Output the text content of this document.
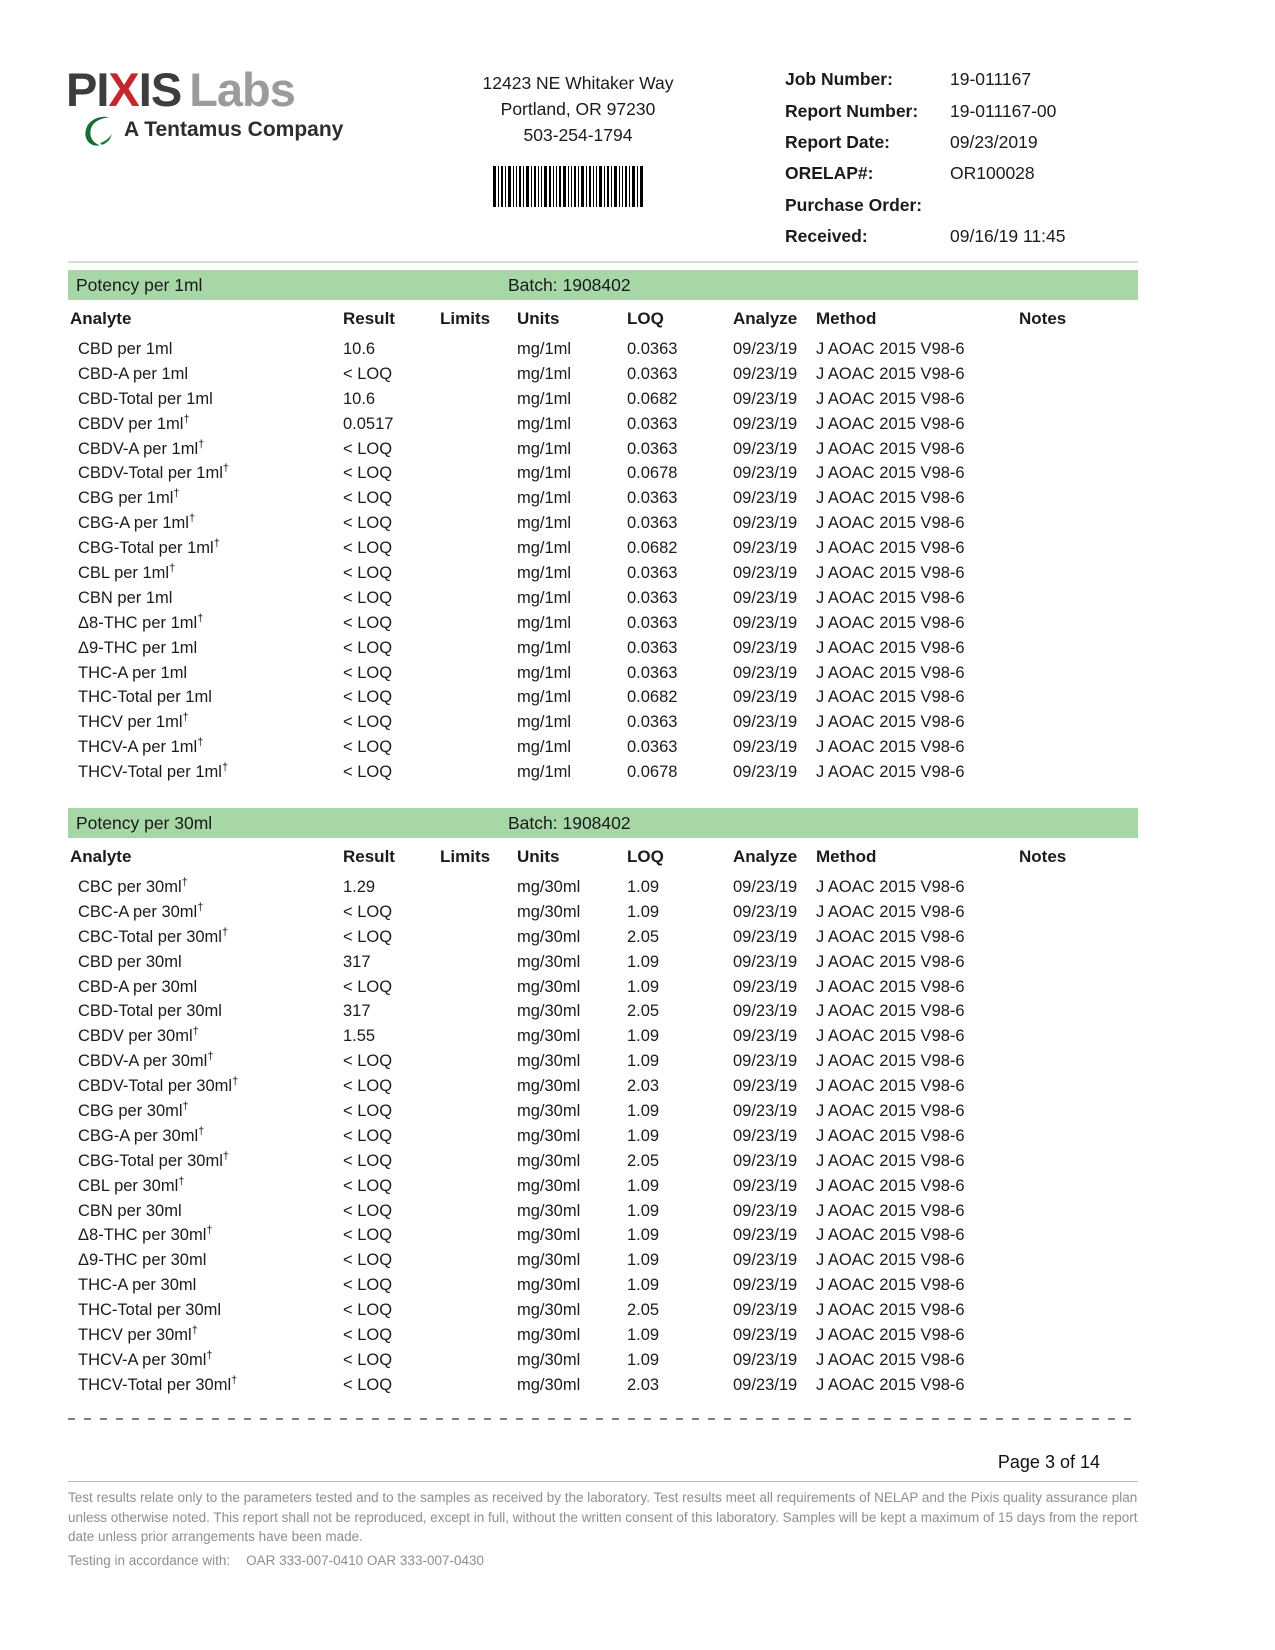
PIXIS Labs
A Tentamus Company
12423 NE Whitaker Way
Portland, OR 97230
503-254-1794
Job Number:	19-011167
Report Number:	19-011167-00
Report Date:	09/23/2019
ORELAP#:	OR100028
Purchase Order:
Received:	09/16/19 11:45
Potency per 1ml	Batch: 1908402
Analyte	Result	Limits	Units	LOQ	Analyze	Method	Notes
CBD per 1ml	10.6	mg/1ml	0.0363	09/23/19	J AOAC 2015 V98-6
CBD-A per 1ml	< LOQ	mg/1ml	0.0363	09/23/19	J AOAC 2015 V98-6
CBD-Total per 1ml	10.6	mg/1ml	0.0682	09/23/19	J AOAC 2015 V98-6
CBDV per 1ml†	0.0517	mg/1ml	0.0363	09/23/19	J AOAC 2015 V98-6
CBDV-A per 1ml†	< LOQ	mg/1ml	0.0363	09/23/19	J AOAC 2015 V98-6
CBDV-Total per 1ml†	< LOQ	mg/1ml	0.0678	09/23/19	J AOAC 2015 V98-6
CBG per 1ml†	< LOQ	mg/1ml	0.0363	09/23/19	J AOAC 2015 V98-6
CBG-A per 1ml†	< LOQ	mg/1ml	0.0363	09/23/19	J AOAC 2015 V98-6
CBG-Total per 1ml†	< LOQ	mg/1ml	0.0682	09/23/19	J AOAC 2015 V98-6
CBL per 1ml†	< LOQ	mg/1ml	0.0363	09/23/19	J AOAC 2015 V98-6
CBN per 1ml	< LOQ	mg/1ml	0.0363	09/23/19	J AOAC 2015 V98-6
Δ8-THC per 1ml†	< LOQ	mg/1ml	0.0363	09/23/19	J AOAC 2015 V98-6
Δ9-THC per 1ml	< LOQ	mg/1ml	0.0363	09/23/19	J AOAC 2015 V98-6
THC-A per 1ml	< LOQ	mg/1ml	0.0363	09/23/19	J AOAC 2015 V98-6
THC-Total per 1ml	< LOQ	mg/1ml	0.0682	09/23/19	J AOAC 2015 V98-6
THCV per 1ml†	< LOQ	mg/1ml	0.0363	09/23/19	J AOAC 2015 V98-6
THCV-A per 1ml†	< LOQ	mg/1ml	0.0363	09/23/19	J AOAC 2015 V98-6
THCV-Total per 1ml†	< LOQ	mg/1ml	0.0678	09/23/19	J AOAC 2015 V98-6
Potency per 30ml	Batch: 1908402
Analyte	Result	Limits	Units	LOQ	Analyze	Method	Notes
CBC per 30ml†	1.29	mg/30ml	1.09	09/23/19	J AOAC 2015 V98-6
CBC-A per 30ml†	< LOQ	mg/30ml	1.09	09/23/19	J AOAC 2015 V98-6
CBC-Total per 30ml†	< LOQ	mg/30ml	2.05	09/23/19	J AOAC 2015 V98-6
CBD per 30ml	317	mg/30ml	1.09	09/23/19	J AOAC 2015 V98-6
CBD-A per 30ml	< LOQ	mg/30ml	1.09	09/23/19	J AOAC 2015 V98-6
CBD-Total per 30ml	317	mg/30ml	2.05	09/23/19	J AOAC 2015 V98-6
CBDV per 30ml†	1.55	mg/30ml	1.09	09/23/19	J AOAC 2015 V98-6
CBDV-A per 30ml†	< LOQ	mg/30ml	1.09	09/23/19	J AOAC 2015 V98-6
CBDV-Total per 30ml†	< LOQ	mg/30ml	2.03	09/23/19	J AOAC 2015 V98-6
CBG per 30ml†	< LOQ	mg/30ml	1.09	09/23/19	J AOAC 2015 V98-6
CBG-A per 30ml†	< LOQ	mg/30ml	1.09	09/23/19	J AOAC 2015 V98-6
CBG-Total per 30ml†	< LOQ	mg/30ml	2.05	09/23/19	J AOAC 2015 V98-6
CBL per 30ml†	< LOQ	mg/30ml	1.09	09/23/19	J AOAC 2015 V98-6
CBN per 30ml	< LOQ	mg/30ml	1.09	09/23/19	J AOAC 2015 V98-6
Δ8-THC per 30ml†	< LOQ	mg/30ml	1.09	09/23/19	J AOAC 2015 V98-6
Δ9-THC per 30ml	< LOQ	mg/30ml	1.09	09/23/19	J AOAC 2015 V98-6
THC-A per 30ml	< LOQ	mg/30ml	1.09	09/23/19	J AOAC 2015 V98-6
THC-Total per 30ml	< LOQ	mg/30ml	2.05	09/23/19	J AOAC 2015 V98-6
THCV per 30ml†	< LOQ	mg/30ml	1.09	09/23/19	J AOAC 2015 V98-6
THCV-A per 30ml†	< LOQ	mg/30ml	1.09	09/23/19	J AOAC 2015 V98-6
THCV-Total per 30ml†	< LOQ	mg/30ml	2.03	09/23/19	J AOAC 2015 V98-6
Page 3 of 14
Test results relate only to the parameters tested and to the samples as received by the laboratory. Test results meet all requirements of NELAP and the Pixis quality assurance plan unless otherwise noted. This report shall not be reproduced, except in full, without the written consent of this laboratory. Samples will be kept a maximum of 15 days from the report date unless prior arrangements have been made.
Testing in accordance with: OAR 333-007-0410 OAR 333-007-0430
